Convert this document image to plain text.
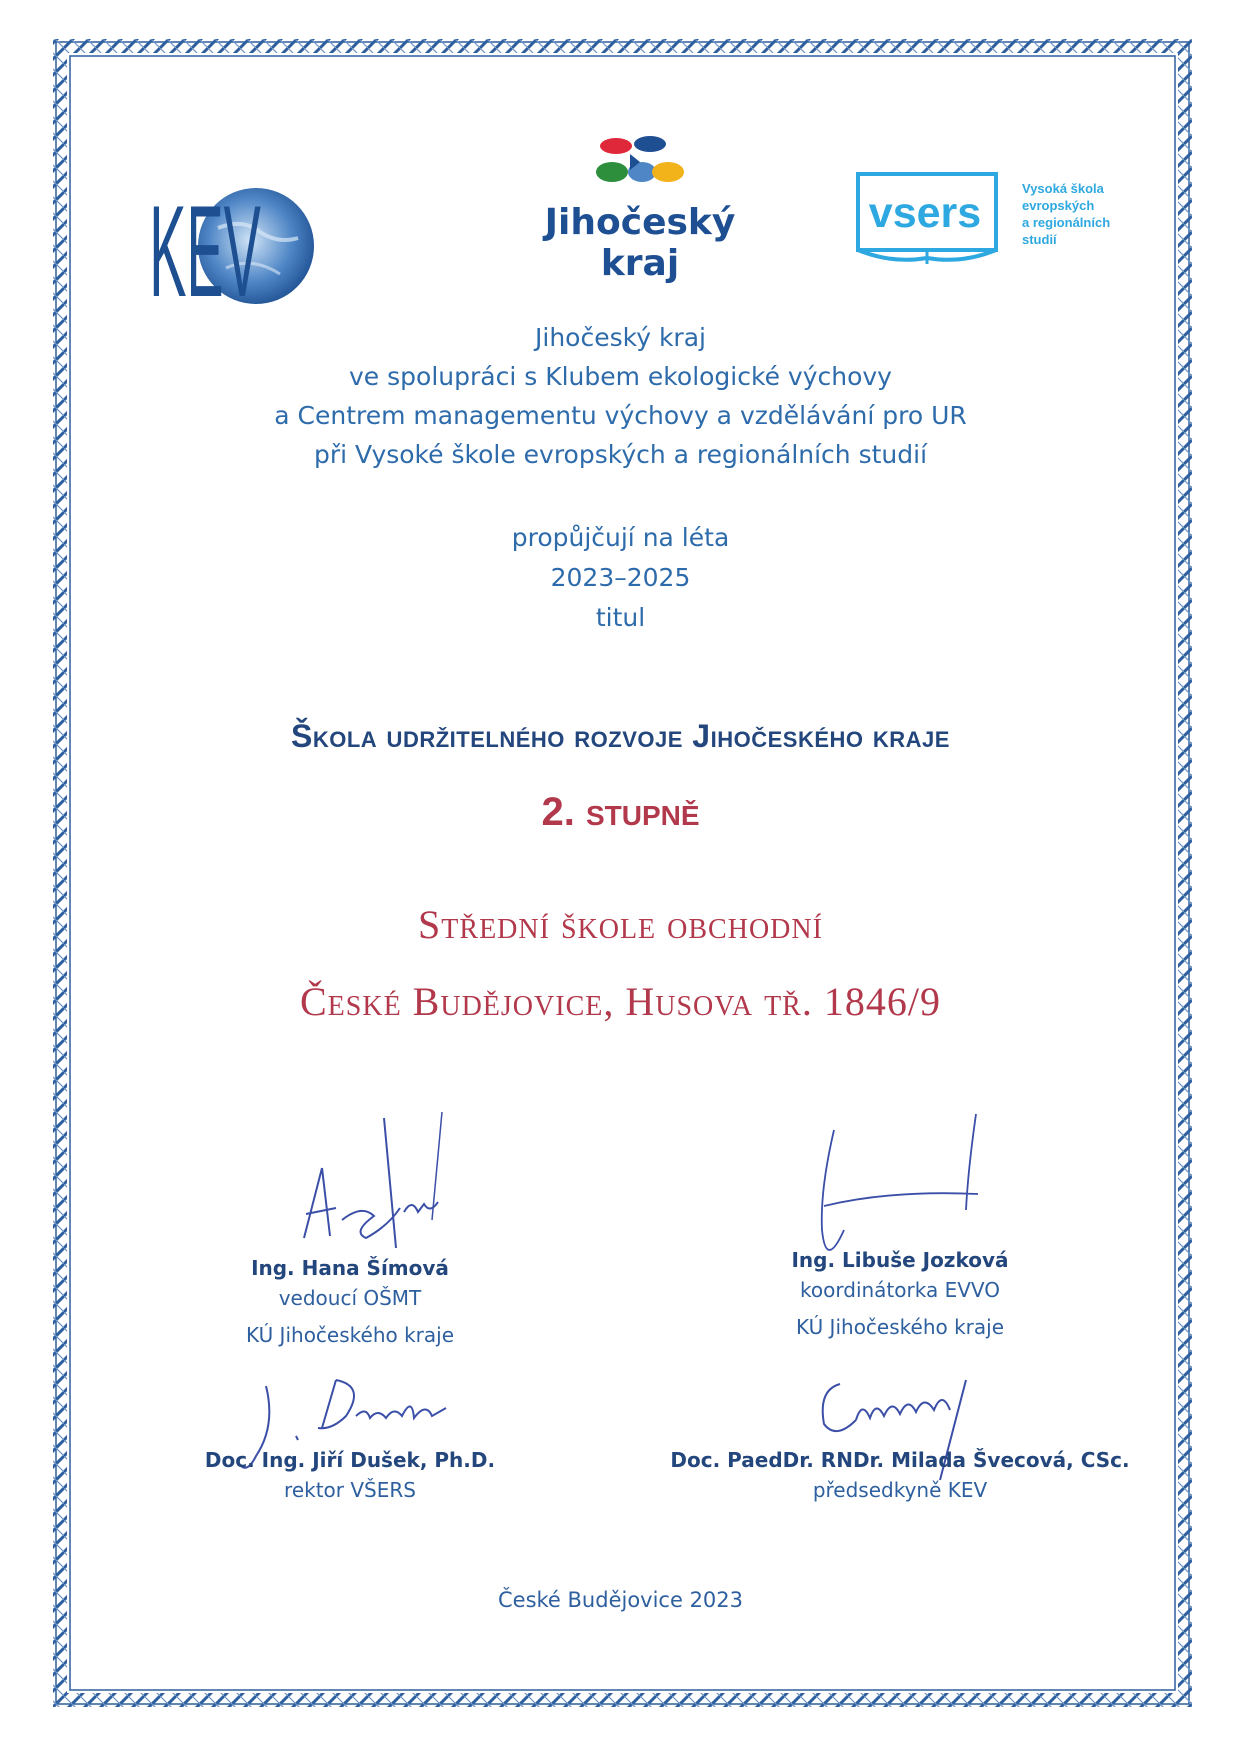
KEV	Jihočeský kraj
vsers
Vysoká škola
evropských
a regionálních
studií
Jihočeský kraj
ve spolupráci s Klubem ekologické výchovy
a Centrem managementu výchovy a vzdělávání pro UR
při Vysoké škole evropských a regionálních studií
propůjčují na léta
2023–2025
titul
Škola udržitelného rozvoje Jihočeského kraje
2. stupně
Střední škole obchodní
České Budějovice, Husova tř. 1846/9
Ing. Hana Šímová
vedoucí OŠMT
KÚ Jihočeského kraje
Ing. Libuše Jozková
koordinátorka EVVO
KÚ Jihočeského kraje
Doc. Ing. Jiří Dušek, Ph.D.
rektor VŠERS
Doc. PaedDr. RNDr. Milada Švecová, CSc.
předsedkyně KEV
České Budějovice 2023
